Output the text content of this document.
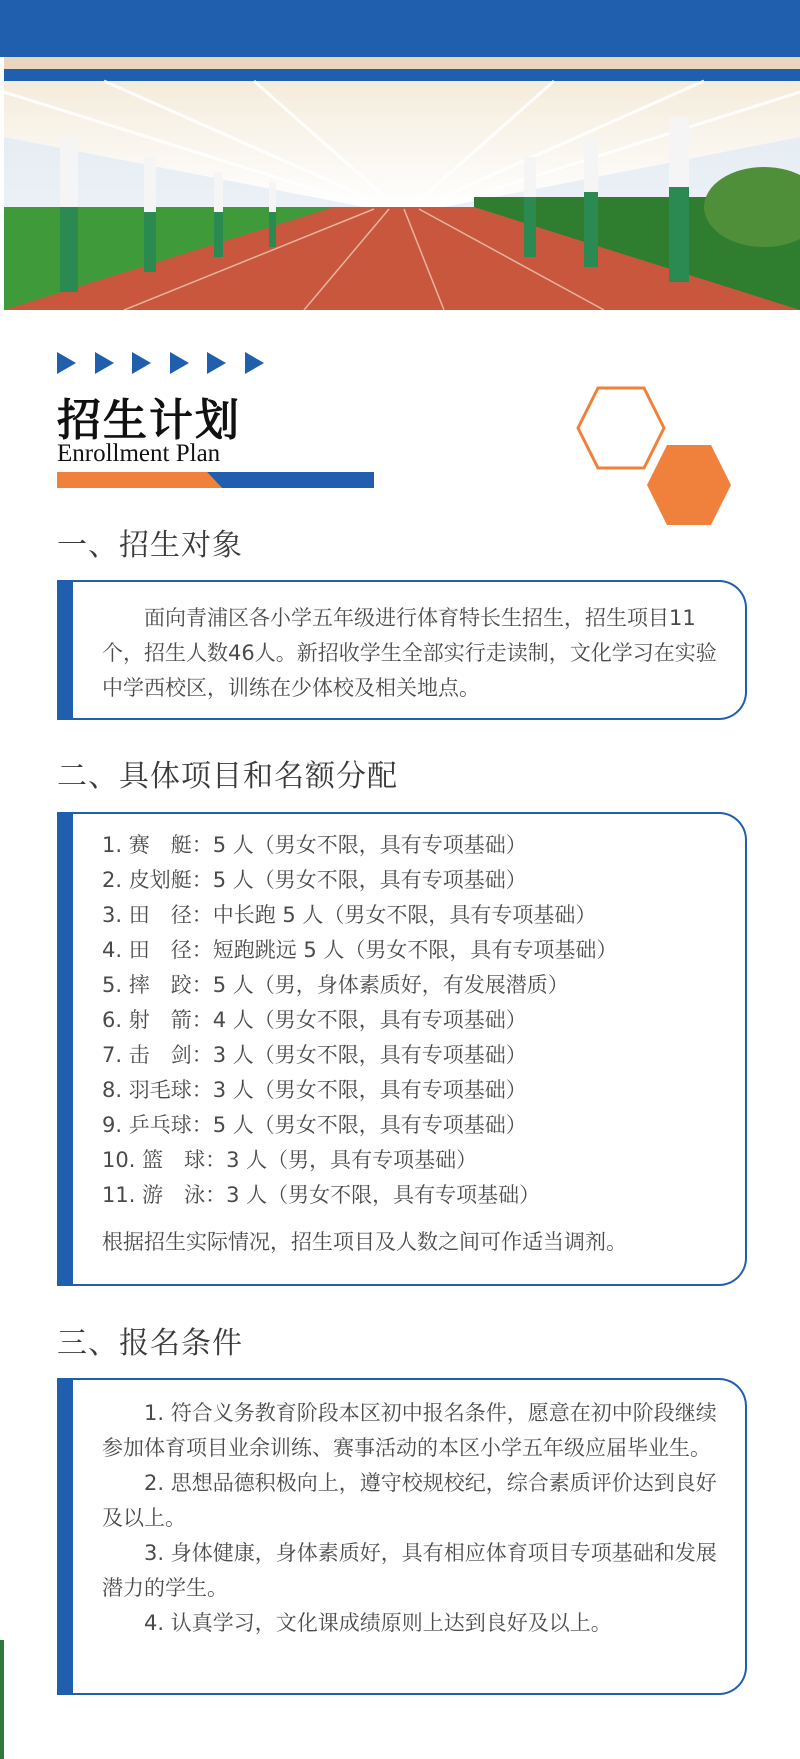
招生计划
Enrollment Plan
一、招生对象
面向青浦区各小学五年级进行体育特长生招生，招生项目11个，招生人数46人。新招收学生全部实行走读制，文化学习在实验中学西校区，训练在少体校及相关地点。
二、具体项目和名额分配
1. 赛　艇：5 人（男女不限，具有专项基础）
2. 皮划艇：5 人（男女不限，具有专项基础）
3. 田　径：中长跑 5 人（男女不限，具有专项基础）
4. 田　径：短跑跳远 5 人（男女不限，具有专项基础）
5. 摔　跤：5 人（男，身体素质好，有发展潜质）
6. 射　箭：4 人（男女不限，具有专项基础）
7. 击　剑：3 人（男女不限，具有专项基础）
8. 羽毛球：3 人（男女不限，具有专项基础）
9. 乒乓球：5 人（男女不限，具有专项基础）
10. 篮　球：3 人（男，具有专项基础）
11. 游　泳：3 人（男女不限，具有专项基础）
根据招生实际情况，招生项目及人数之间可作适当调剂。
三、报名条件
1. 符合义务教育阶段本区初中报名条件，愿意在初中阶段继续参加体育项目业余训练、赛事活动的本区小学五年级应届毕业生。
2. 思想品德积极向上，遵守校规校纪，综合素质评价达到良好及以上。
3. 身体健康，身体素质好，具有相应体育项目专项基础和发展潜力的学生。
4. 认真学习，文化课成绩原则上达到良好及以上。
